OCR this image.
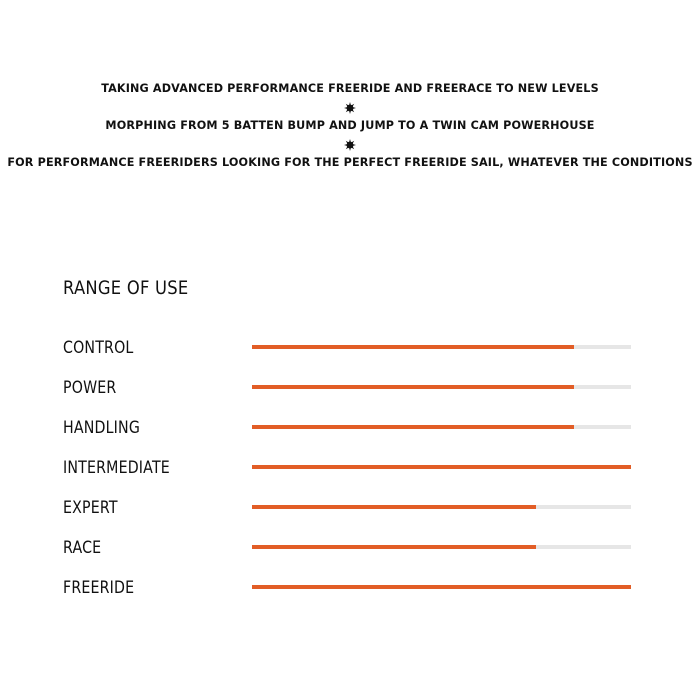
TAKING ADVANCED PERFORMANCE FREERIDE AND FREERACE TO NEW LEVELS
MORPHING FROM 5 BATTEN BUMP AND JUMP TO A TWIN CAM POWERHOUSE
FOR PERFORMANCE FREERIDERS LOOKING FOR THE PERFECT FREERIDE SAIL, WHATEVER THE CONDITIONS
RANGE OF USE
CONTROL
POWER
HANDLING
INTERMEDIATE
EXPERT
RACE
FREERIDE
